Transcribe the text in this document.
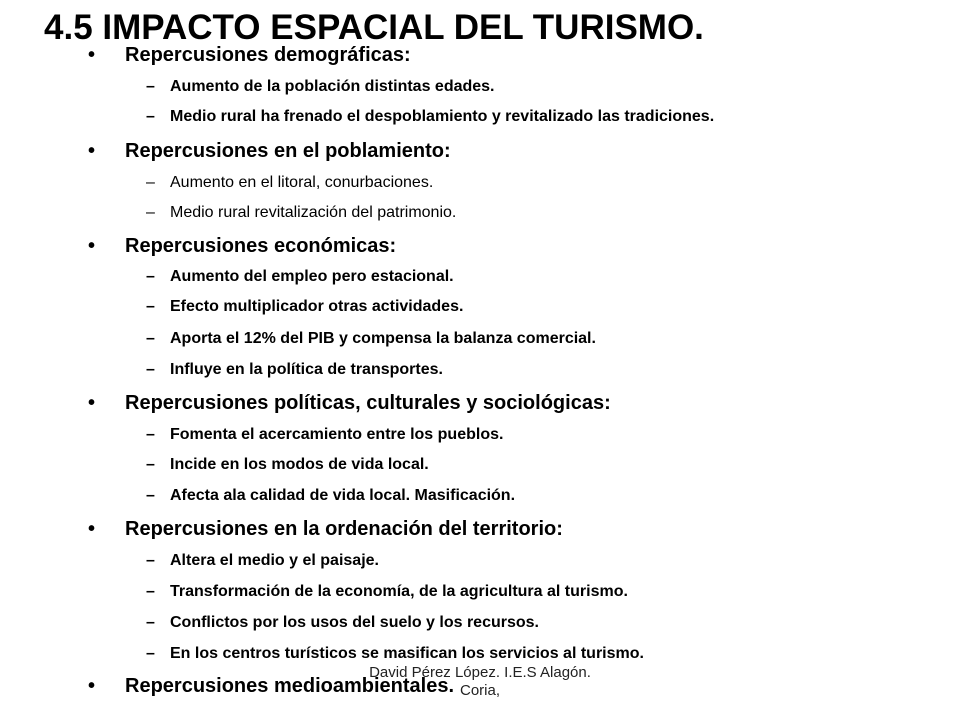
4.5 IMPACTO ESPACIAL DEL TURISMO.
• Repercusiones demográficas:
– Aumento de la población distintas edades.
– Medio rural ha frenado el despoblamiento y revitalizado las tradiciones.
• Repercusiones en el poblamiento:
– Aumento en el litoral, conurbaciones.
– Medio rural revitalización del patrimonio.
• Repercusiones económicas:
– Aumento del empleo pero estacional.
– Efecto multiplicador otras actividades.
– Aporta el 12% del PIB y compensa la balanza comercial.
– Influye en la política de transportes.
• Repercusiones políticas, culturales y sociológicas:
– Fomenta el acercamiento entre los pueblos.
– Incide en los modos de vida local.
– Afecta ala calidad de vida local. Masificación.
• Repercusiones en la ordenación del territorio:
– Altera el medio y el paisaje.
– Transformación de la economía, de la agricultura al turismo.
– Conflictos por los usos del suelo y los recursos.
– En los centros turísticos se masifican los servicios al turismo.
• Repercusiones medioambientales.
David Pérez López. I.E.S Alagón.
Coria,
